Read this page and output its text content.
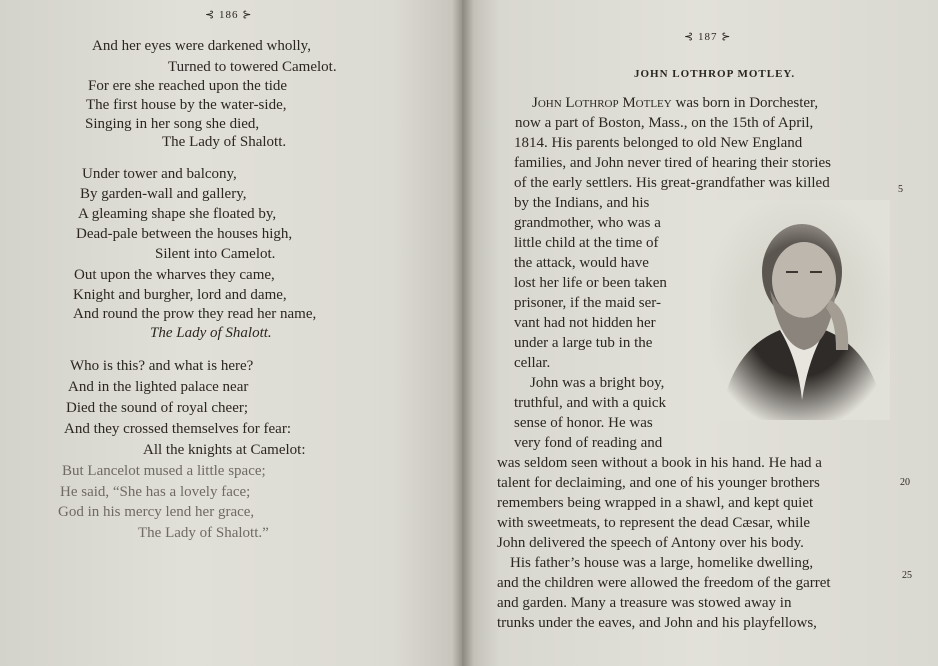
⊰ 186 ⊱
And her eyes were darkened wholly,
Turned to towered Camelot.
For ere she reached upon the tide
The first house by the water-side,
Singing in her song she died,
The Lady of Shalott.
Under tower and balcony,
By garden-wall and gallery,
A gleaming shape she floated by,
Dead-pale between the houses high,
Silent into Camelot.
Out upon the wharves they came,
Knight and burgher, lord and dame,
And round the prow they read her name,
The Lady of Shalott.
Who is this? and what is here?
And in the lighted palace near
Died the sound of royal cheer;
And they crossed themselves for fear:
All the knights at Camelot:
But Lancelot mused a little space;
He said, “She has a lovely face;
God in his mercy lend her grace,
The Lady of Shalott.”
⊰ 187 ⊱
JOHN LOTHROP MOTLEY.
John Lothrop Motley was born in Dorchester,
now a part of Boston, Mass., on the 15th of April,
1814. His parents belonged to old New England
families, and John never tired of hearing their stories
of the early settlers. His great-grandfather was killed	5
by the Indians, and his
grandmother, who was a
little child at the time of
the attack, would have
lost her life or been taken
prisoner, if the maid ser-
vant had not hidden her
under a large tub in the
cellar.
John was a bright boy,
truthful, and with a quick
sense of honor. He was
very fond of reading and
was seldom seen without a book in his hand. He had a
talent for declaiming, and one of his younger brothers	20
remembers being wrapped in a shawl, and kept quiet
with sweetmeats, to represent the dead Cæsar, while
John delivered the speech of Antony over his body.
His father’s house was a large, homelike dwelling,
and the children were allowed the freedom of the garret	25
and garden. Many a treasure was stowed away in
trunks under the eaves, and John and his playfellows,
